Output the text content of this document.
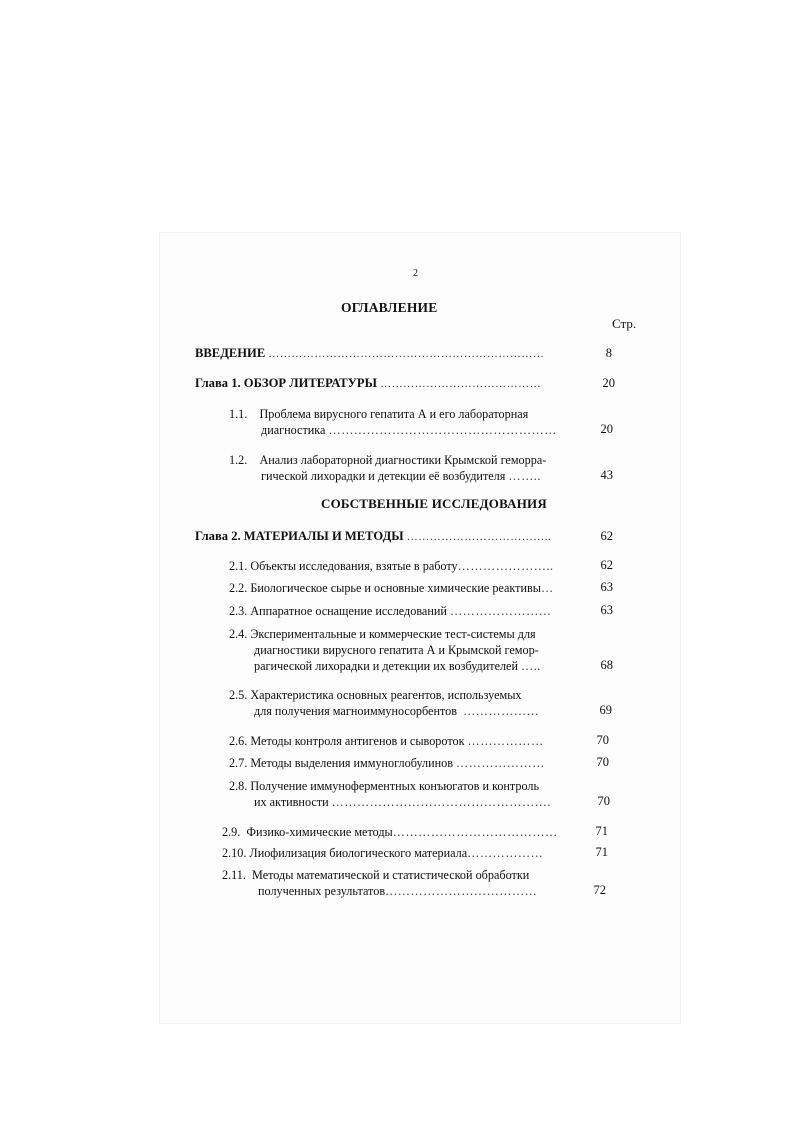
2
ОГЛАВЛЕНИЕ
Стр.
ВВЕДЕНИЕ ………………………………………………………………	8
Глава 1. ОБЗОР ЛИТЕРАТУРЫ ……………………………………	20
1.1. Проблема вирусного гепатита А и его лабораторная
диагностика ………………………………………………	20
1.2. Анализ лабораторной диагностики Крымской геморра-
гической лихорадки и детекции её возбудителя ……..	43
СОБСТВЕННЫЕ ИССЛЕДОВАНИЯ
Глава 2. МАТЕРИАЛЫ И МЕТОДЫ ………………………………..	62
2.1. Объекты исследования, взятые в работу…………………..	62
2.2. Биологическое сырье и основные химические реактивы…	63
2.3. Аппаратное оснащение исследований ……………………	63
2.4. Экспериментальные и коммерческие тест-системы для
диагностики вирусного гепатита А и Крымской гемор-
рагической лихорадки и детекции их возбудителей …..	68
2.5. Характеристика основных реагентов, используемых
для получения магноиммуносорбентов ………………	69
2.6. Методы контроля антигенов и сывороток ………………	70
2.7. Методы выделения иммуноглобулинов …………………	70
2.8. Получение иммуноферментных конъюгатов и контроль
их активности …………………………………………….	70
2.9. Физико-химические методы…………………………………	71
2.10. Лиофилизация биологического материала………………	71
2.11. Методы математической и статистической обработки
полученных результатов………………………………	72
